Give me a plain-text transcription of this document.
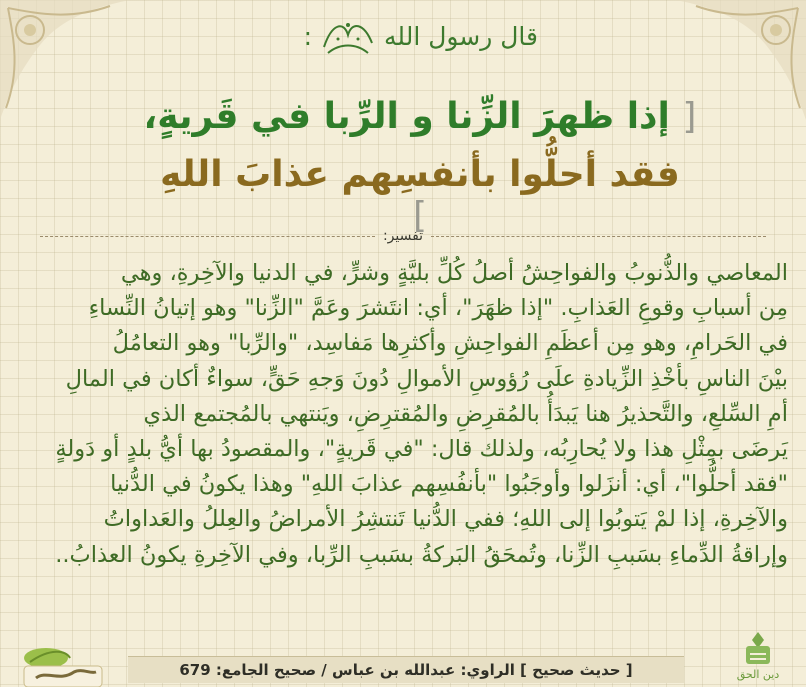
قال رسول الله
:
[ إذا ظهرَ الزِّنا و الرِّبا في قَريةٍ،
فقد أحلُّوا بأنفسِهم عذابَ اللهِ ]
تفسير:

المعاصي والذُّنوبُ والفواحِشُ أصلُ كُلِّ بليَّةٍ وشرٍّ، في الدنيا والآخِرةِ، وهي

مِن أسبابِ وقوعِ العَذابِ. "إذا ظهَرَ"، أي: انتَشرَ وعَمَّ "الزِّنا" وهو إتيانُ النِّساءِ

في الحَرامِ، وهو مِن أعظَمِ الفواحِشِ وأكثرِها مَفاسِد، "والرِّبا" وهو التعامُلُ

بيْنَ الناسِ بأخْذِ الزِّيادةِ علَى رُؤوسِ الأموالِ دُونَ وَجهِ حَقٍّ، سواءٌ أكان في المالِ

أمِ السِّلعِ، والتَّحذيرُ هنا يَبدَأُ بالمُقرِضِ والمُقترِضِ، ويَنتهي بالمُجتمع الذي

يَرضَى بمِثْلِ هذا ولا يُحارِبُه، ولذلك قال: "في قَريةٍ"، والمقصودُ بها أيُّ بلدٍ أو دَولةٍ

"فقد أحلُّوا"، أي: أنزَلوا وأوجَبُوا "بأنفُسِهم عذابَ اللهِ" وهذا يكونُ في الدُّنيا

والآخِرةِ، إذا لمْ يَتوبُوا إلى اللهِ؛ ففي الدُّنيا تَنتشِرُ الأمراضُ والعِللُ والعَداواتُ

وإراقةُ الدِّماءِ بسَببِ الزِّنا، وتُمحَقُ البَركةُ بسَببِ الرِّبا، وفي الآخِرةِ يكونُ العذابُ..

[ حديث صحيح ] الراوي: عبدالله بن عباس / صحيح الجامع: 679	دين الحق
